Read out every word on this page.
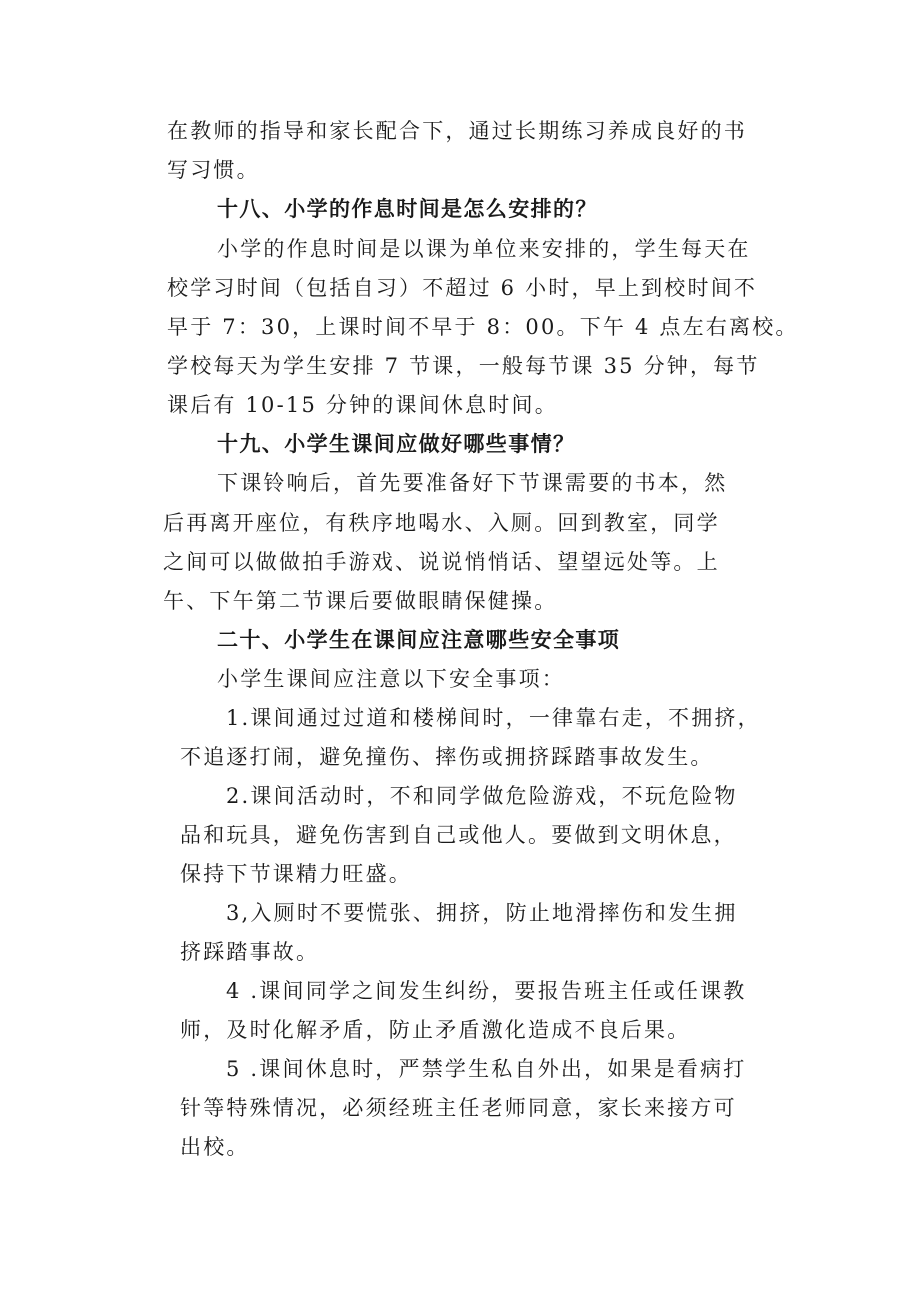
在教师的指导和家长配合下，通过长期练习养成良好的书
写习惯。
十八、小学的作息时间是怎么安排的？
小学的作息时间是以课为单位来安排的，学生每天在
校学习时间（包括自习）不超过 6 小时，早上到校时间不
早于 7：30，上课时间不早于 8：00。下午 4 点左右离校。
学校每天为学生安排 7 节课，一般每节课 35 分钟，每节
课后有 10-15 分钟的课间休息时间。
十九、小学生课间应做好哪些事情？
下课铃响后，首先要准备好下节课需要的书本，然
后再离开座位，有秩序地喝水、入厕。回到教室，同学
之间可以做做拍手游戏、说说悄悄话、望望远处等。上
午、下午第二节课后要做眼睛保健操。
二十、小学生在课间应注意哪些安全事项
小学生课间应注意以下安全事项：
1.课间通过过道和楼梯间时，一律靠右走，不拥挤，
不追逐打闹，避免撞伤、摔伤或拥挤踩踏事故发生。
2.课间活动时，不和同学做危险游戏，不玩危险物
品和玩具，避免伤害到自己或他人。要做到文明休息，
保持下节课精力旺盛。
3,入厕时不要慌张、拥挤，防止地滑摔伤和发生拥
挤踩踏事故。
4 .课间同学之间发生纠纷，要报告班主任或任课教
师，及时化解矛盾，防止矛盾激化造成不良后果。
5 .课间休息时，严禁学生私自外出，如果是看病打
针等特殊情况，必须经班主任老师同意，家长来接方可
出校。
